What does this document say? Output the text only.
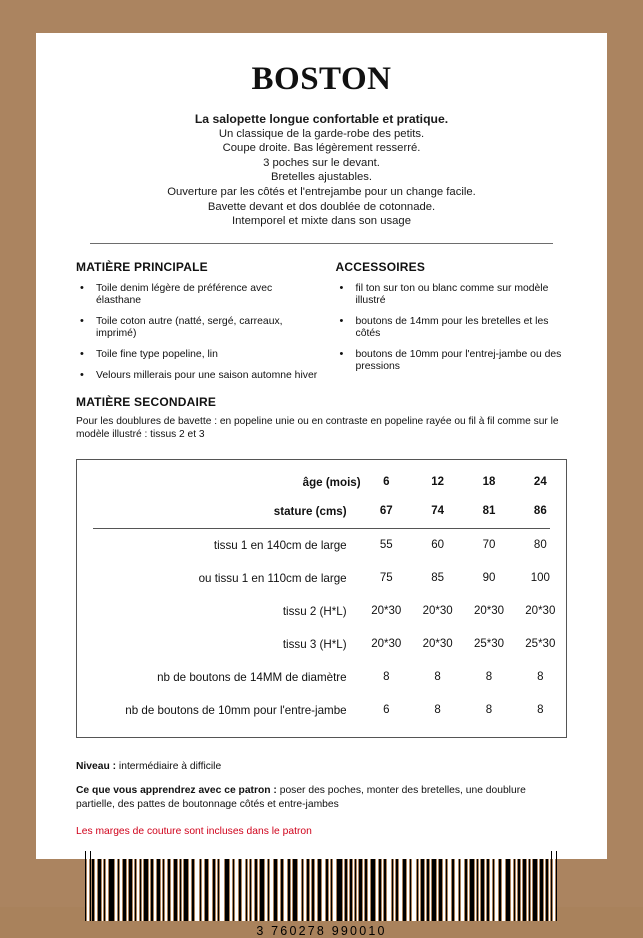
BOSTON
La salopette longue confortable et pratique.
Un classique de la garde-robe des petits.
Coupe droite. Bas légèrement resserré.
3 poches sur le devant.
Bretelles ajustables.
Ouverture par les côtés et l'entrejambe pour un change facile.
Bavette devant et dos doublée de cotonnade.
Intemporel et mixte dans son usage
MATIÈRE PRINCIPALE
• Toile denim légère de préférence avec élasthane
• Toile coton autre (natté, sergé, carreaux, imprimé)
• Toile fine type popeline, lin
• Velours millerais pour une saison automne hiver
ACCESSOIRES
• fil ton sur ton ou blanc comme sur modèle illustré
• boutons de 14mm pour les bretelles et les côtés
• boutons de 10mm pour l'entrej-jambe ou des pressions
MATIÈRE SECONDAIRE

Pour les doublures de bavette : en popeline unie ou en contraste en popeline rayée ou fil à fil comme sur le modèle illustré : tissus 2 et 3

âge (mois)	6	12	18	24
stature (cms)	67	74	81	86
tissu 1 en 140cm de large	55	60	70	80
ou tissu 1 en 110cm de large	75	85	90	100
tissu 2 (H*L)	20*30	20*30	20*30	20*30
tissu 3 (H*L)	20*30	20*30	25*30	25*30
nb de boutons de 14MM de diamètre	8	8	8	8
nb de boutons de 10mm pour l'entre-jambe	6	8	8	8
Niveau : intermédiaire à difficile
Ce que vous apprendrez avec ce patron : poser des poches, monter des bretelles, une doublure partielle, des pattes de boutonnage côtés et entre-jambes
Les marges de couture sont incluses dans le patron
3 760278 990010
